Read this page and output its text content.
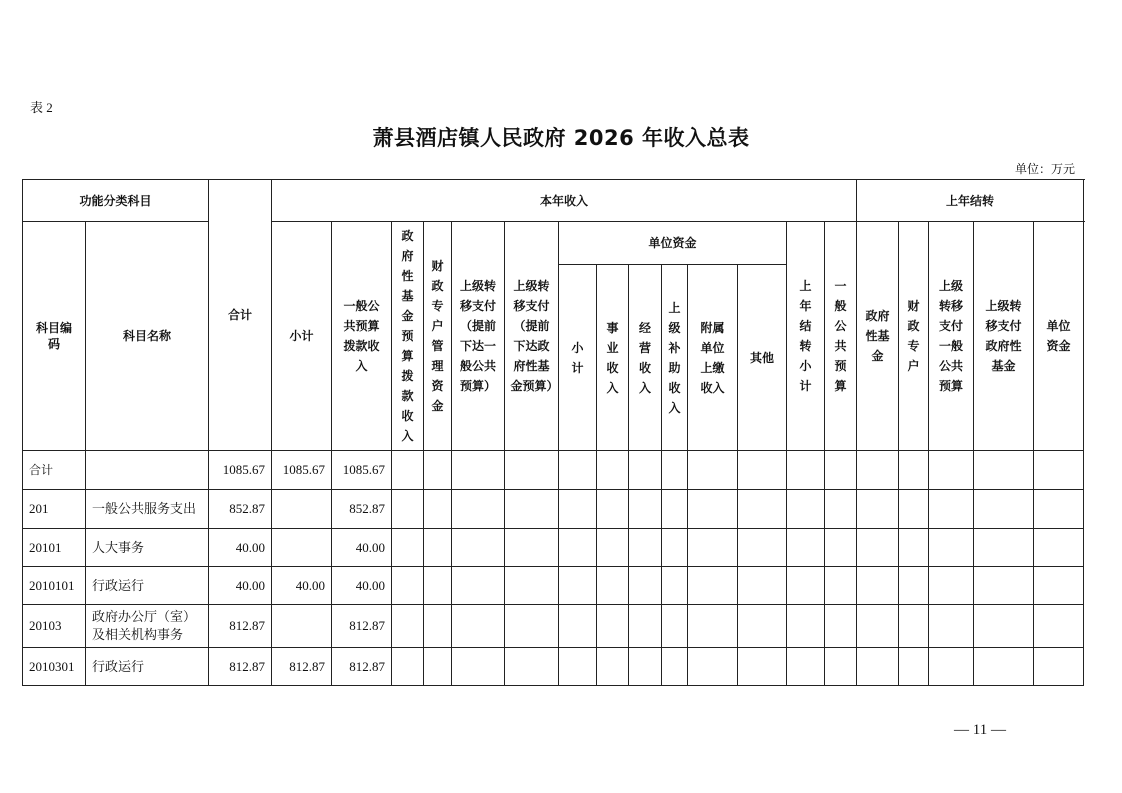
表 2
萧县酒店镇人民政府 2026 年收入总表
单位：万元
功能分类科目		合计	本年收入														上年结转				

科目编码	科目名称		小计	一般公共预算拨款收入	政府性基金预算拨款收入	财政专户管理资金	上级转移支付（提前下达一般公共预算）	上级转移支付（提前下达政府性基金预算）	单位资金						上年结转小计	一般公共预算	政府性基金	财政专户	上级转移支付一般公共预算	上级转移支付政府性基金	单位资金

									小计	事业收入	经营收入	上级补助收入	附属单位上缴收入	其他							
合计		1085.67	1085.67	1085.67																	
201	一般公共服务支出	852.87		852.87																	
20101	人大事务	40.00		40.00																	
2010101	行政运行	40.00	40.00	40.00																	
20103	政府办公厅（室）及相关机构事务	812.87		812.87																	
2010301	行政运行	812.87	812.87	812.87																	
— 11 —
